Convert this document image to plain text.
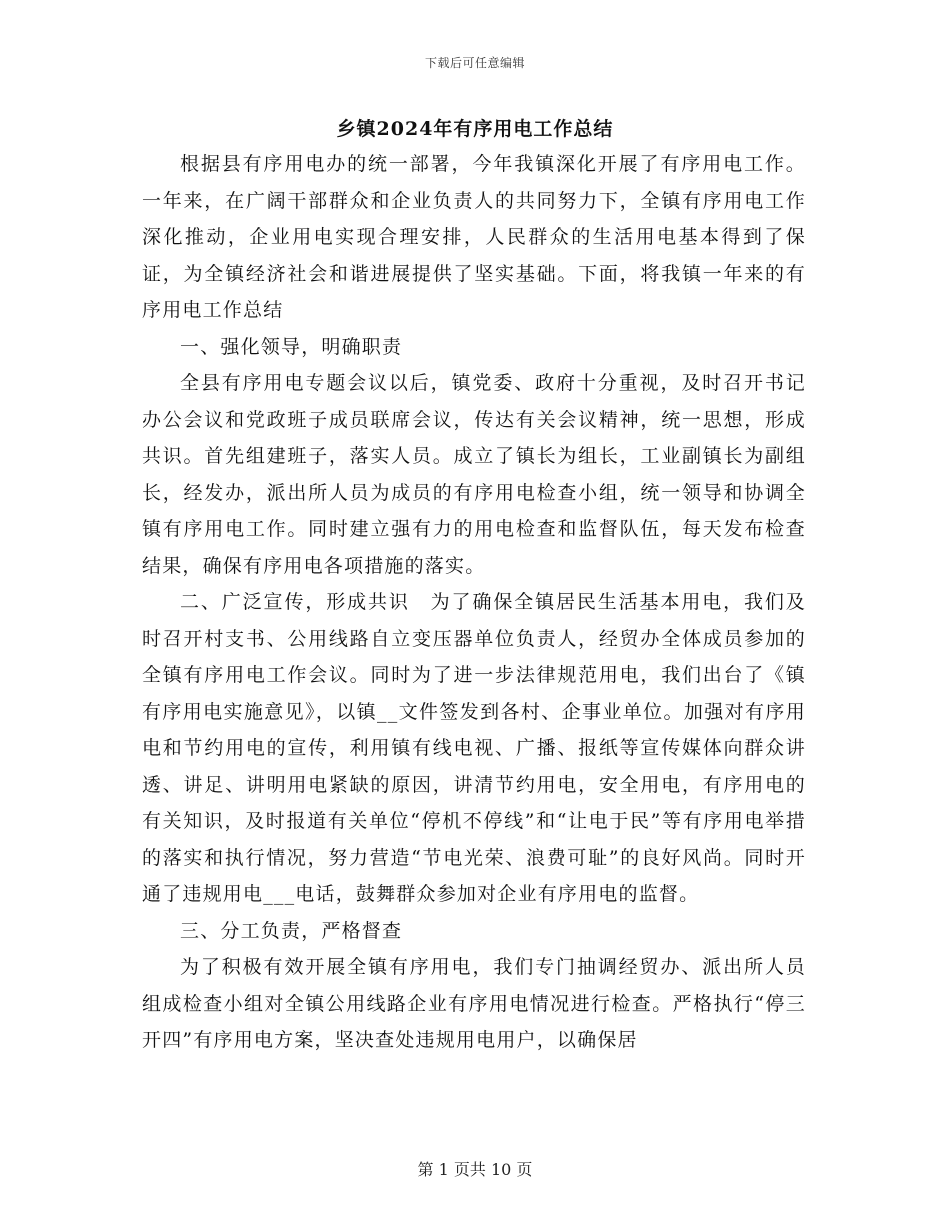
下载后可任意编辑
乡镇2024年有序用电工作总结

根据县有序用电办的统一部署，今年我镇深化开展了有序用电工作。一年来，在广阔干部群众和企业负责人的共同努力下，全镇有序用电工作深化推动，企业用电实现合理安排，人民群众的生活用电基本得到了保证，为全镇经济社会和谐进展提供了坚实基础。下面，将我镇一年来的有序用电工作总结

一、强化领导，明确职责

全县有序用电专题会议以后，镇党委、政府十分重视，及时召开书记办公会议和党政班子成员联席会议，传达有关会议精神，统一思想，形成共识。首先组建班子，落实人员。成立了镇长为组长，工业副镇长为副组长，经发办，派出所人员为成员的有序用电检查小组，统一领导和协调全镇有序用电工作。同时建立强有力的用电检查和监督队伍，每天发布检查结果，确保有序用电各项措施的落实。

二、广泛宣传，形成共识　为了确保全镇居民生活基本用电，我们及时召开村支书、公用线路自立变压器单位负责人，经贸办全体成员参加的全镇有序用电工作会议。同时为了进一步法律规范用电，我们出台了《镇有序用电实施意见》，以镇__文件签发到各村、企事业单位。加强对有序用电和节约用电的宣传，利用镇有线电视、广播、报纸等宣传媒体向群众讲透、讲足、讲明用电紧缺的原因，讲清节约用电，安全用电，有序用电的有关知识，及时报道有关单位“停机不停线”和“让电于民”等有序用电举措的落实和执行情况，努力营造“节电光荣、浪费可耻”的良好风尚。同时开通了违规用电___电话，鼓舞群众参加对企业有序用电的监督。

三、分工负责，严格督查

为了积极有效开展全镇有序用电，我们专门抽调经贸办、派出所人员组成检查小组对全镇公用线路企业有序用电情况进行检查。严格执行“停三开四”有序用电方案，坚决查处违规用电用户，以确保居

第 1 页共 10 页
